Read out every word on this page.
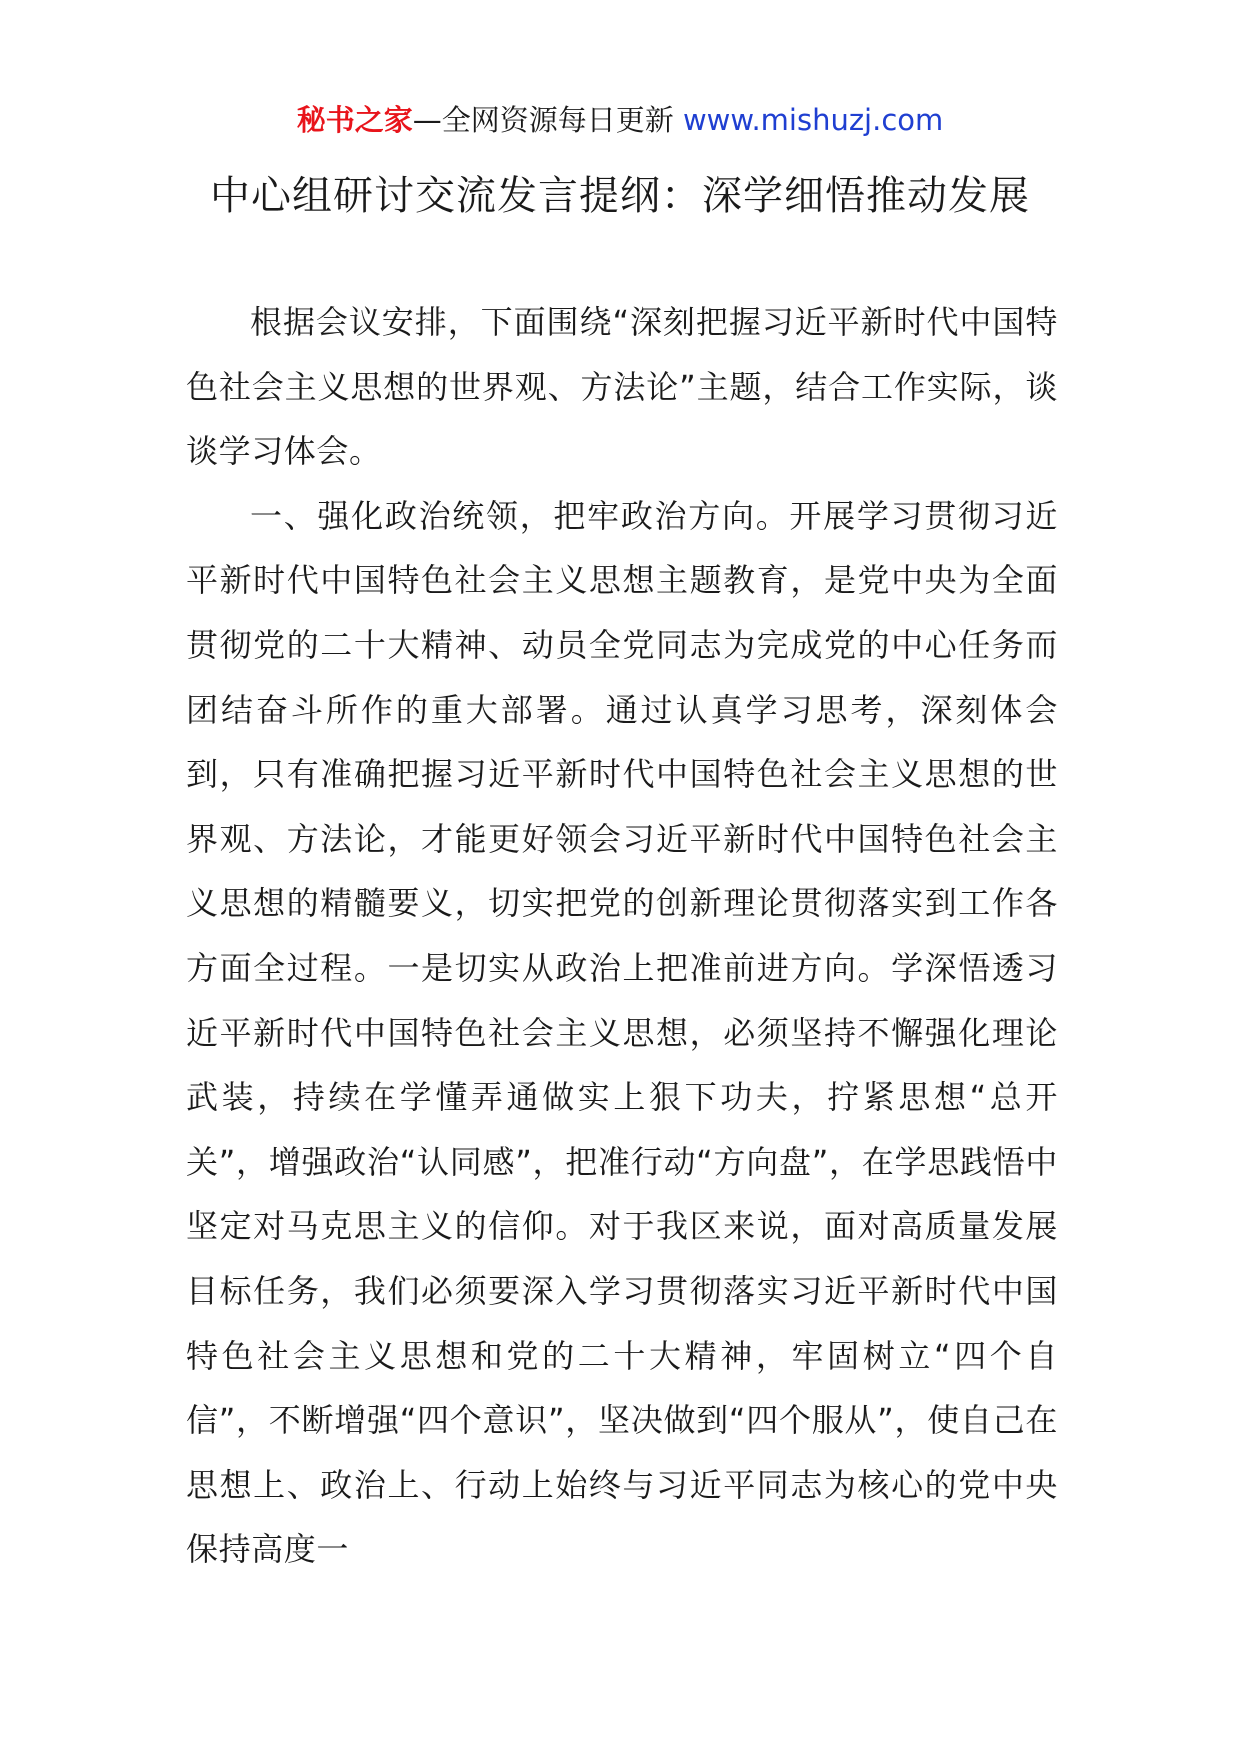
秘书之家—全网资源每日更新 www.mishuzj.com
中心组研讨交流发言提纲：深学细悟推动发展

根据会议安排，下面围绕“深刻把握习近平新时代中国特色社会主义思想的世界观、方法论”主题，结合工作实际，谈谈学习体会。

一、强化政治统领，把牢政治方向。开展学习贯彻习近平新时代中国特色社会主义思想主题教育，是党中央为全面贯彻党的二十大精神、动员全党同志为完成党的中心任务而团结奋斗所作的重大部署。通过认真学习思考，深刻体会到，只有准确把握习近平新时代中国特色社会主义思想的世界观、方法论，才能更好领会习近平新时代中国特色社会主义思想的精髓要义，切实把党的创新理论贯彻落实到工作各方面全过程。一是切实从政治上把准前进方向。学深悟透习近平新时代中国特色社会主义思想，必须坚持不懈强化理论武装，持续在学懂弄通做实上狠下功夫，拧紧思想“总开关”，增强政治“认同感”，把准行动“方向盘”，在学思践悟中坚定对马克思主义的信仰。对于我区来说，面对高质量发展目标任务，我们必须要深入学习贯彻落实习近平新时代中国特色社会主义思想和党的二十大精神，牢固树立“四个自信”，不断增强“四个意识”，坚决做到“四个服从”，使自己在思想上、政治上、行动上始终与习近平同志为核心的党中央保持高度一
